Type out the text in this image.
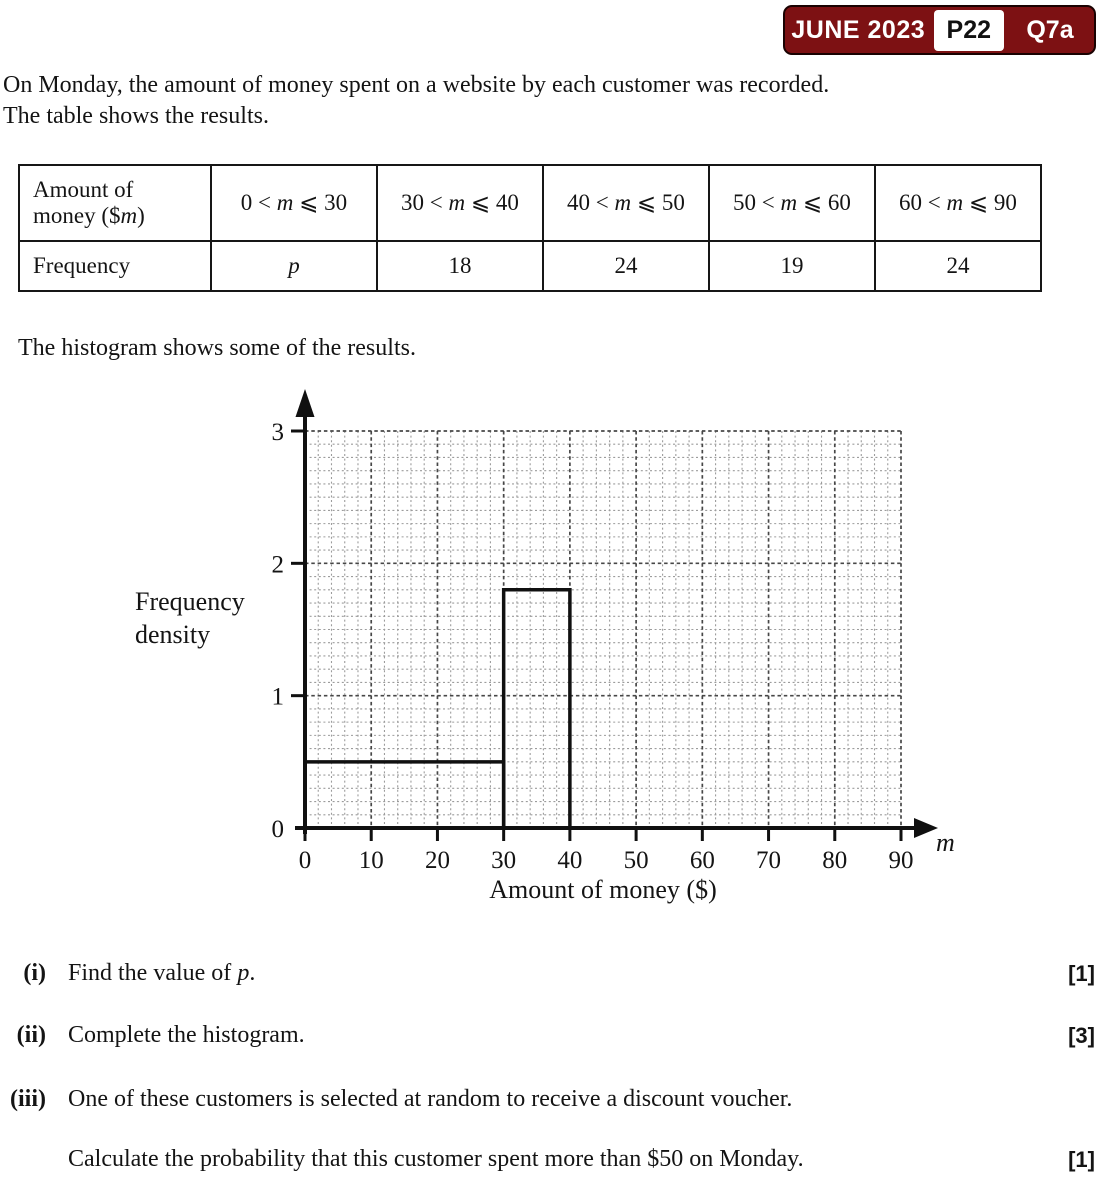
JUNE 2023 P22	Q7a

On Monday, the amount of money spent on a website by each customer was recorded.
The table shows the results.

Amount of
money ($m)	0 < m ⩽ 30	30 < m ⩽ 40	40 < m ⩽ 50	50 < m ⩽ 60	60 < m ⩽ 90
Frequency	p	18	24	19	24

The histogram shows some of the results.

0 10 20 30 40 50 60 70 80 90
0
1
2
3
m
Amount of money ($)
Frequency
density
(i) Find the value of p.	[1]
(ii) Complete the histogram.	[3]
(iii) One of these customers is selected at random to receive a discount voucher.
Calculate the probability that this customer spent more than $50 on Monday.	[1]
